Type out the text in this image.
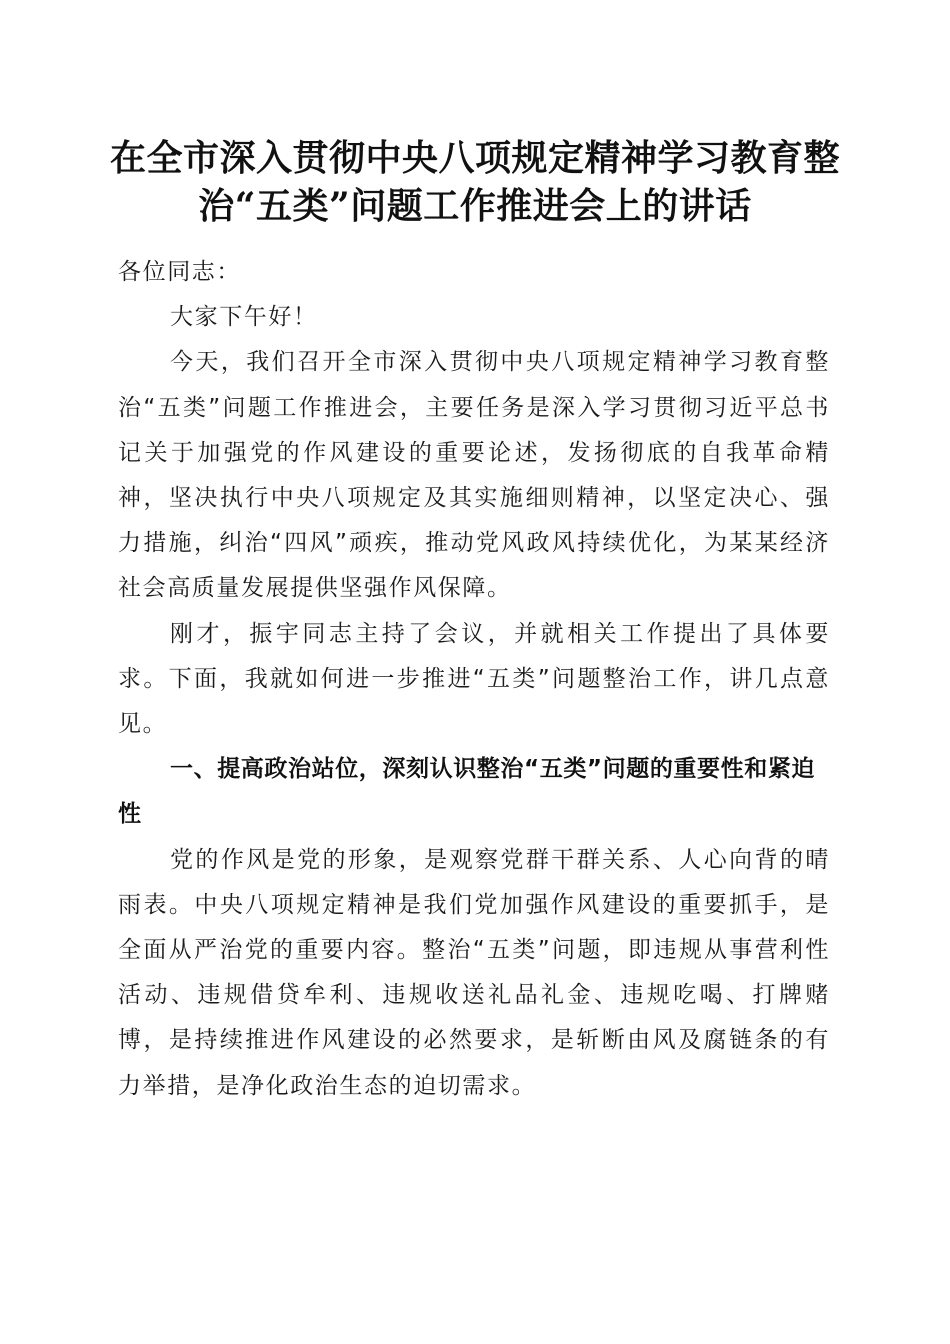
在全市深入贯彻中央八项规定精神学习教育整
治“五类”问题工作推进会上的讲话

各位同志：

大家下午好！

今天，我们召开全市深入贯彻中央八项规定精神学习教育整治“五类”问题工作推进会，主要任务是深入学习贯彻习近平总书记关于加强党的作风建设的重要论述，发扬彻底的自我革命精神，坚决执行中央八项规定及其实施细则精神，以坚定决心、强力措施，纠治“四风”顽疾，推动党风政风持续优化，为某某经济社会高质量发展提供坚强作风保障。

刚才，振宇同志主持了会议，并就相关工作提出了具体要求。下面，我就如何进一步推进“五类”问题整治工作，讲几点意见。

一、提高政治站位，深刻认识整治“五类”问题的重要性和紧迫性

党的作风是党的形象，是观察党群干群关系、人心向背的晴雨表。中央八项规定精神是我们党加强作风建设的重要抓手，是全面从严治党的重要内容。整治“五类”问题，即违规从事营利性活动、违规借贷牟利、违规收送礼品礼金、违规吃喝、打牌赌博，是持续推进作风建设的必然要求，是斩断由风及腐链条的有力举措，是净化政治生态的迫切需求。
